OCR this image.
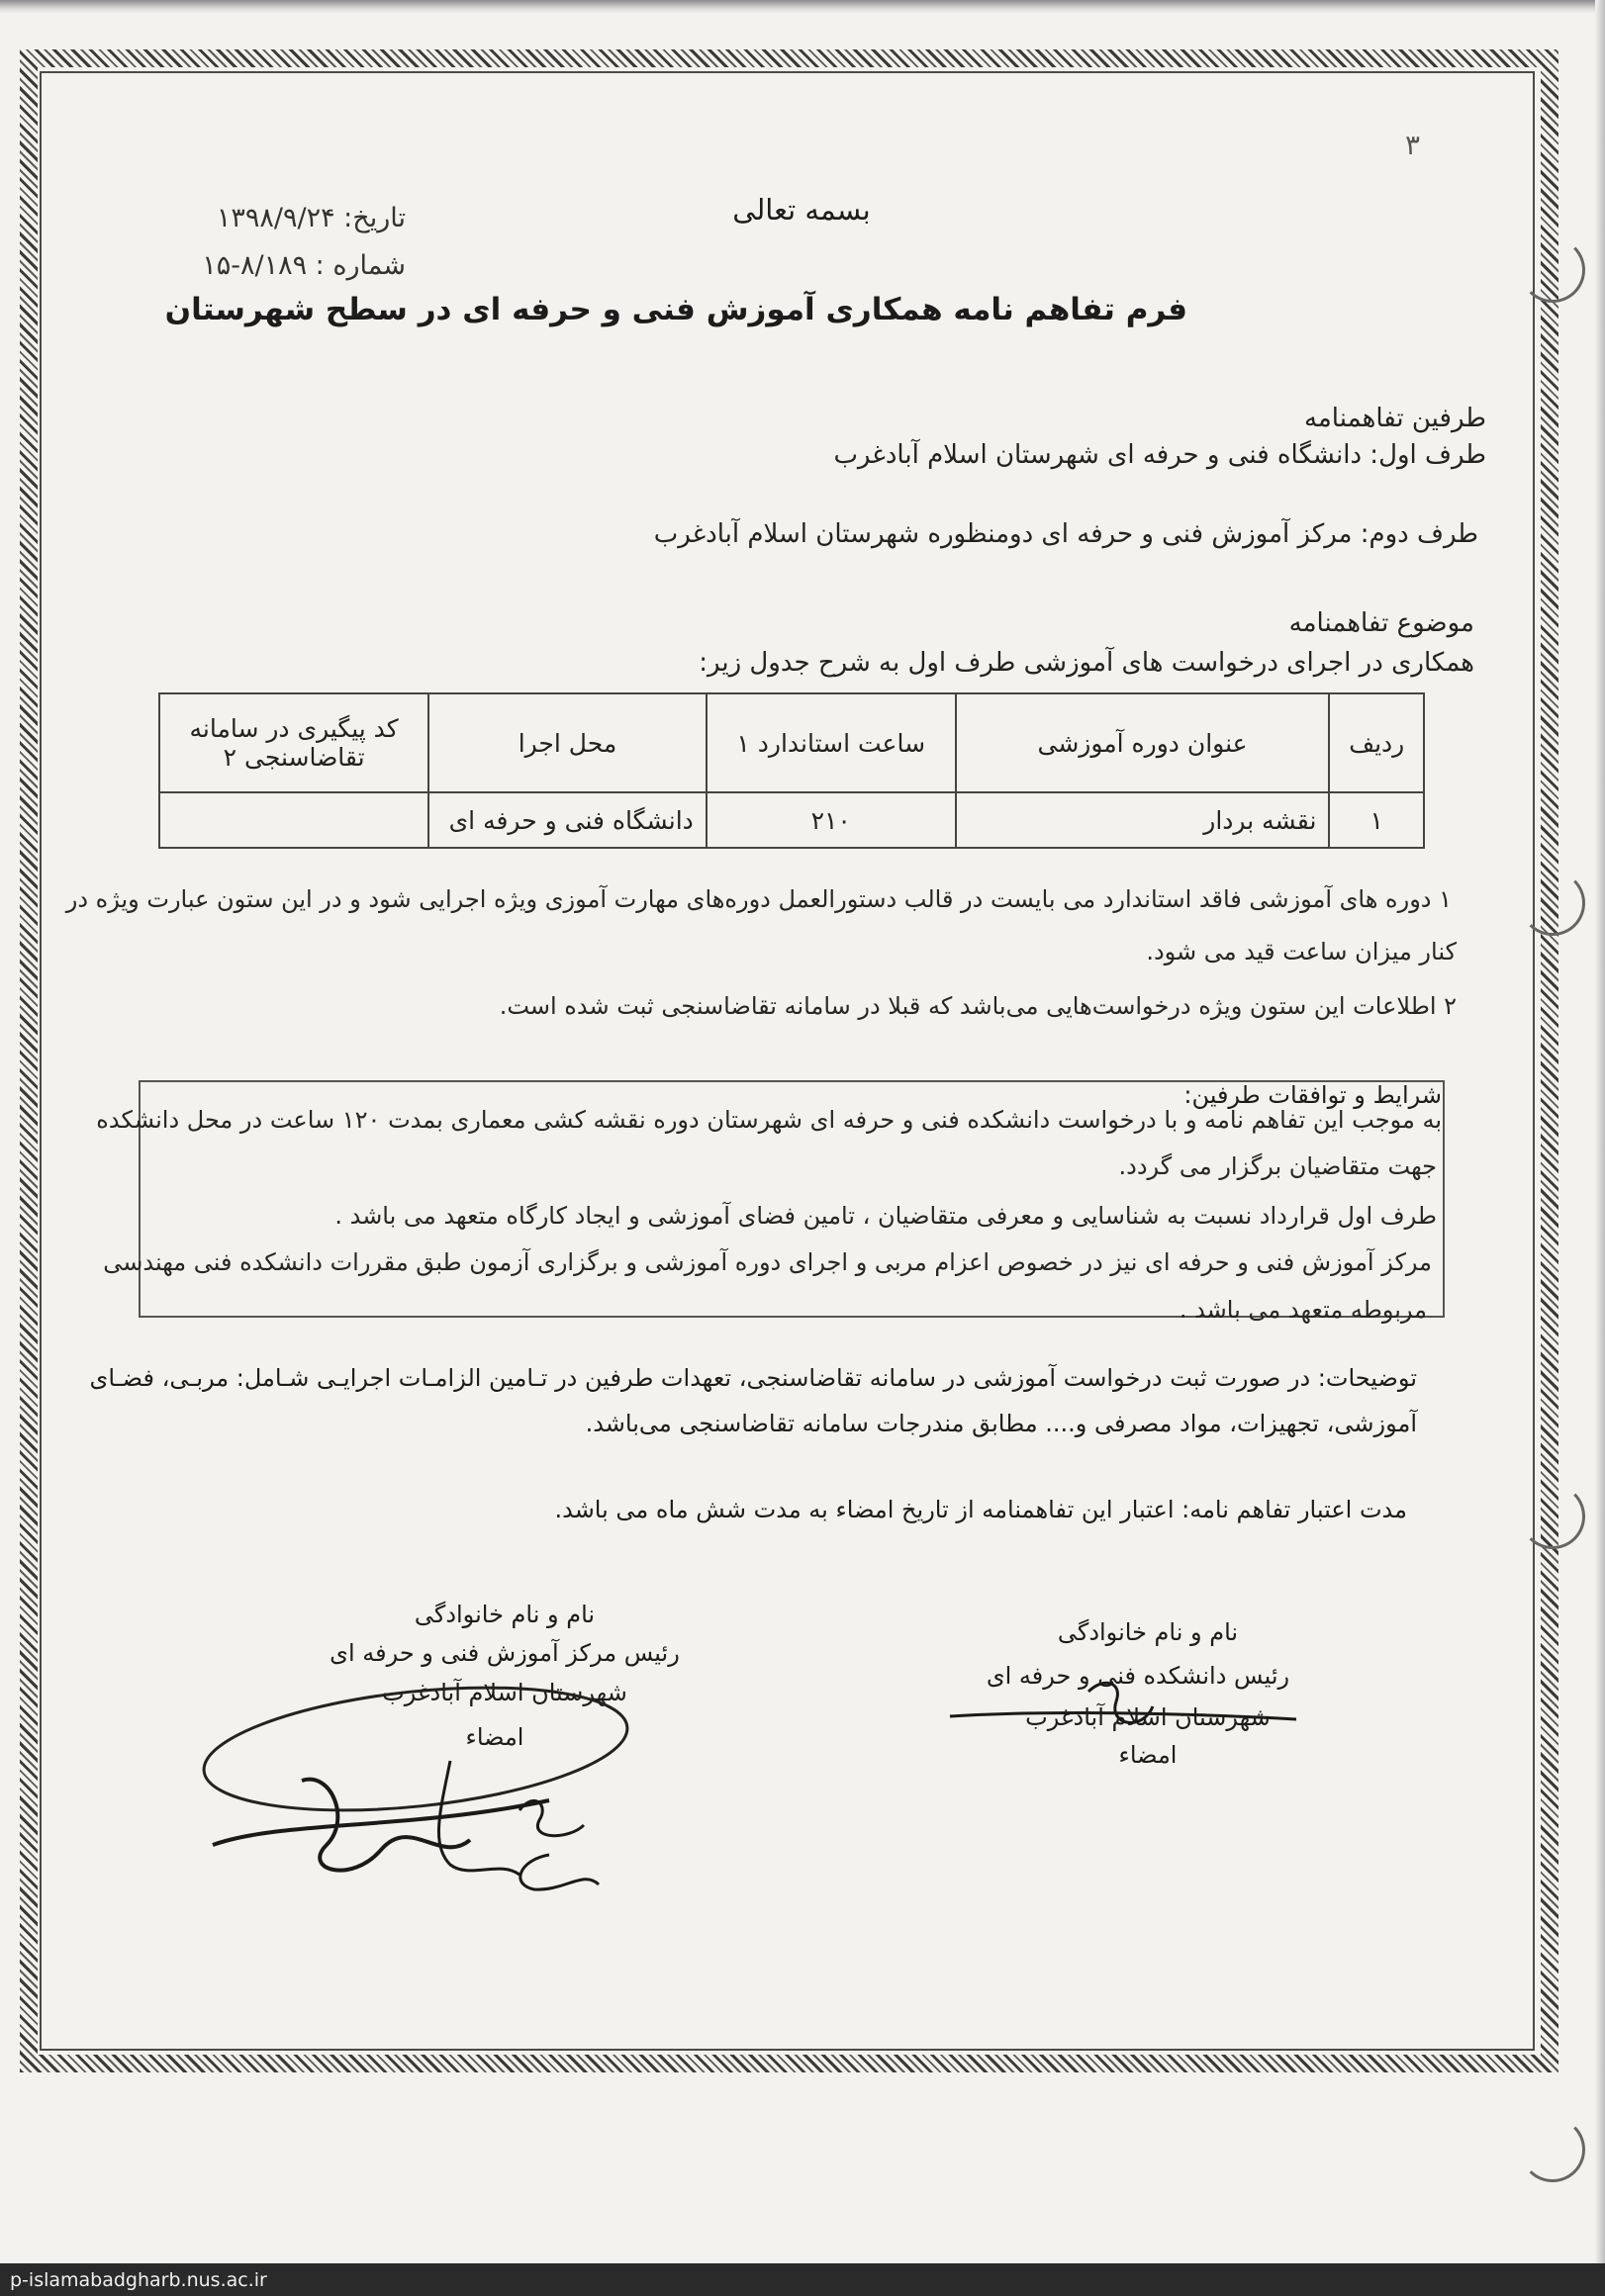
۳
بسمه تعالی
تاریخ: ۱۳۹۸/۹/۲۴
شماره : ۸/۱۸۹-۱۵
فرم تفاهم نامه همکاری آموزش فنی و حرفه ای در سطح شهرستان
طرفین تفاهمنامه
طرف اول: دانشگاه فنی و حرفه ای شهرستان اسلام آبادغرب
طرف دوم: مرکز آموزش فنی و حرفه ای دومنظوره شهرستان اسلام آبادغرب
موضوع تفاهمنامه
همکاری در اجرای درخواست های آموزشی طرف اول به شرح جدول زیر:
ردیف	عنوان دوره آموزشی	ساعت استاندارد ۱	محل اجرا	کد پیگیری در سامانه تقاضاسنجی ۲
۱	نقشه بردار	۲۱۰	دانشگاه فنی و حرفه ای	
۱ دوره های آموزشی فاقد استاندارد می بایست در قالب دستورالعمل دوره‌های مهارت آموزی ویژه اجرایی شود و در این ستون عبارت ویژه در
کنار میزان ساعت قید می شود.
۲ اطلاعات این ستون ویژه درخواست‌هایی می‌باشد که قبلا در سامانه تقاضاسنجی ثبت شده است.
شرایط و توافقات طرفین:
به موجب این تفاهم نامه و با درخواست دانشکده فنی و حرفه ای شهرستان دوره نقشه کشی معماری بمدت ۱۲۰ ساعت در محل دانشکده
جهت متقاضیان برگزار می گردد.
طرف اول قرارداد نسبت به شناسایی و معرفی متقاضیان ، تامین فضای آموزشی و ایجاد کارگاه متعهد می باشد .
مرکز آموزش فنی و حرفه ای نیز در خصوص اعزام مربی و اجرای دوره آموزشی و برگزاری آزمون طبق مقررات دانشکده فنی مهندسی
مربوطه متعهد می باشد .
توضیحات: در صورت ثبت درخواست آموزشی در سامانه تقاضاسنجی، تعهدات طرفین در تـامین الزامـات اجرایـی شـامل: مربـی، فضـای
آموزشی، تجهیزات، مواد مصرفی و.... مطابق مندرجات سامانه تقاضاسنجی می‌باشد.
مدت اعتبار تفاهم نامه: اعتبار این تفاهمنامه از تاریخ امضاء به مدت شش ماه می باشد.
نام و نام خانوادگی
رئیس مرکز آموزش فنی و حرفه ای
شهرستان اسلام آبادغرب
امضاء
نام و نام خانوادگی
رئیس دانشکده فنی و حرفه ای
شهرستان اسلام آبادغرب
امضاء
p-islamabadgharb.nus.ac.ir
